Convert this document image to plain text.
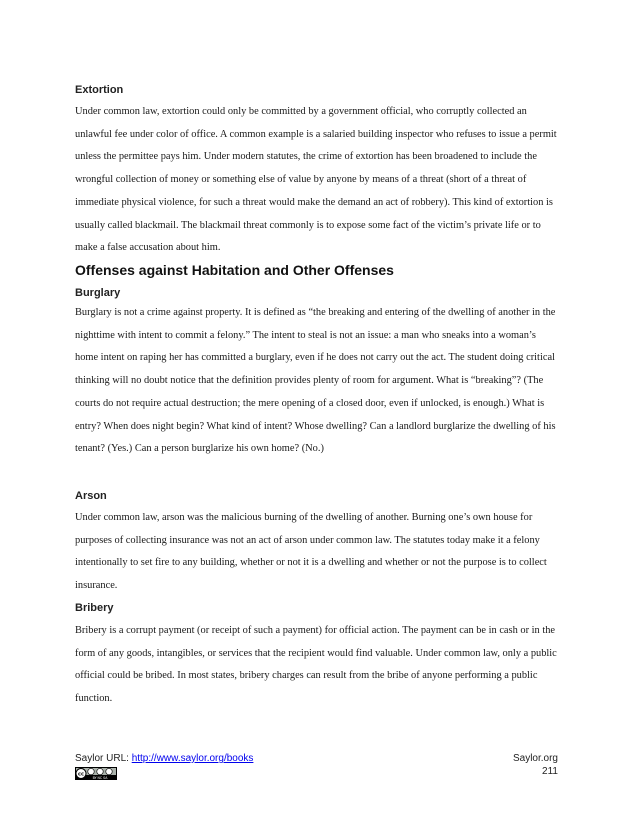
Extortion

Under common law, extortion could only be committed by a government official, who corruptly collected an unlawful fee under color of office. A common example is a salaried building inspector who refuses to issue a permit unless the permittee pays him. Under modern statutes, the crime of extortion has been broadened to include the wrongful collection of money or something else of value by anyone by means of a threat (short of a threat of immediate physical violence, for such a threat would make the demand an act of robbery). This kind of extortion is usually called blackmail. The blackmail threat commonly is to expose some fact of the victim’s private life or to make a false accusation about him.

Offenses against Habitation and Other Offenses
Burglary

Burglary is not a crime against property. It is defined as “the breaking and entering of the dwelling of another in the nighttime with intent to commit a felony.” The intent to steal is not an issue: a man who sneaks into a woman’s home intent on raping her has committed a burglary, even if he does not carry out the act. The student doing critical thinking will no doubt notice that the definition provides plenty of room for argument. What is “breaking”? (The courts do not require actual destruction; the mere opening of a closed door, even if unlocked, is enough.) What is entry? When does night begin? What kind of intent? Whose dwelling? Can a landlord burglarize the dwelling of his tenant? (Yes.) Can a person burglarize his own home? (No.)

Arson

Under common law, arson was the malicious burning of the dwelling of another. Burning one’s own house for purposes of collecting insurance was not an act of arson under common law. The statutes today make it a felony intentionally to set fire to any building, whether or not it is a dwelling and whether or not the purpose is to collect insurance.

Bribery

Bribery is a corrupt payment (or receipt of such a payment) for official action. The payment can be in cash or in the form of any goods, intangibles, or services that the recipient would find valuable. Under common law, only a public official could be bribed. In most states, bribery charges can result from the bribe of anyone performing a public function.

Saylor URL: http://www.saylor.org/books
cc
BY NC SA
Saylor.org
211
